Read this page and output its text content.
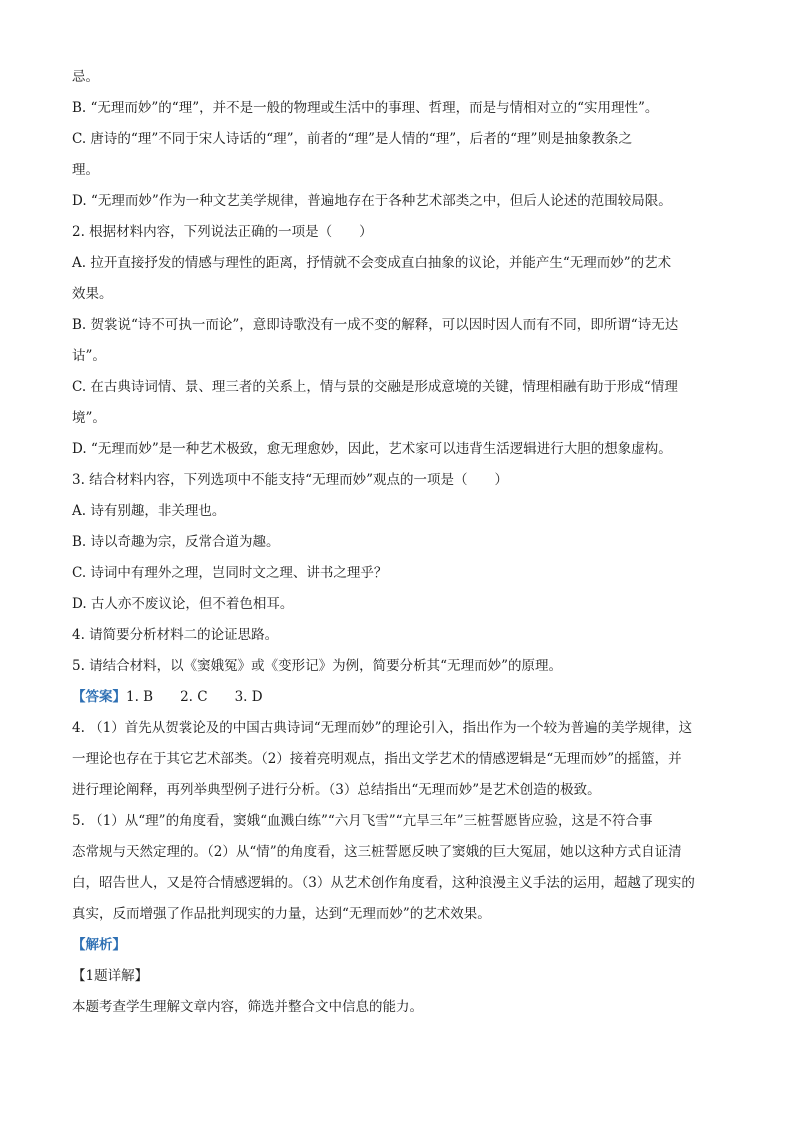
忌。
B. “无理而妙”的“理”，并不是一般的物理或生活中的事理、哲理，而是与情相对立的“实用理性”。
C. 唐诗的“理”不同于宋人诗话的“理”，前者的“理”是人情的“理”，后者的“理”则是抽象教条之
理。
D. “无理而妙”作为一种文艺美学规律，普遍地存在于各种艺术部类之中，但后人论述的范围较局限。
2. 根据材料内容，下列说法正确的一项是（　　）
A. 拉开直接抒发的情感与理性的距离，抒情就不会变成直白抽象的议论，并能产生“无理而妙”的艺术
效果。
B. 贺裳说“诗不可执一而论”，意即诗歌没有一成不变的解释，可以因时因人而有不同，即所谓“诗无达
诂”。
C. 在古典诗词情、景、理三者的关系上，情与景的交融是形成意境的关键，情理相融有助于形成“情理
境”。
D. “无理而妙”是一种艺术极致，愈无理愈妙，因此，艺术家可以违背生活逻辑进行大胆的想象虚构。
3. 结合材料内容，下列选项中不能支持“无理而妙”观点的一项是（　　）
A. 诗有别趣，非关理也。
B. 诗以奇趣为宗，反常合道为趣。
C. 诗词中有理外之理，岂同时文之理、讲书之理乎？
D. 古人亦不废议论，但不着色相耳。
4. 请简要分析材料二的论证思路。
5. 请结合材料，以《窦娥冤》或《变形记》为例，简要分析其“无理而妙”的原理。
【答案】1. B　　2. C　　3. D
4. （1）首先从贺裳论及的中国古典诗词“无理而妙”的理论引入，指出作为一个较为普遍的美学规律，这
一理论也存在于其它艺术部类。（2）接着亮明观点，指出文学艺术的情感逻辑是“无理而妙”的摇篮，并
进行理论阐释，再列举典型例子进行分析。（3）总结指出“无理而妙”是艺术创造的极致。
5. （1）从“理”的角度看，窦娥“血溅白练”“六月飞雪”“亢旱三年”三桩誓愿皆应验，这是不符合事
态常规与天然定理的。（2）从“情”的角度看，这三桩誓愿反映了窦娥的巨大冤屈，她以这种方式自证清
白，昭告世人，又是符合情感逻辑的。（3）从艺术创作角度看，这种浪漫主义手法的运用，超越了现实的
真实，反而增强了作品批判现实的力量，达到“无理而妙”的艺术效果。
【解析】
【1题详解】
本题考查学生理解文章内容，筛选并整合文中信息的能力。
